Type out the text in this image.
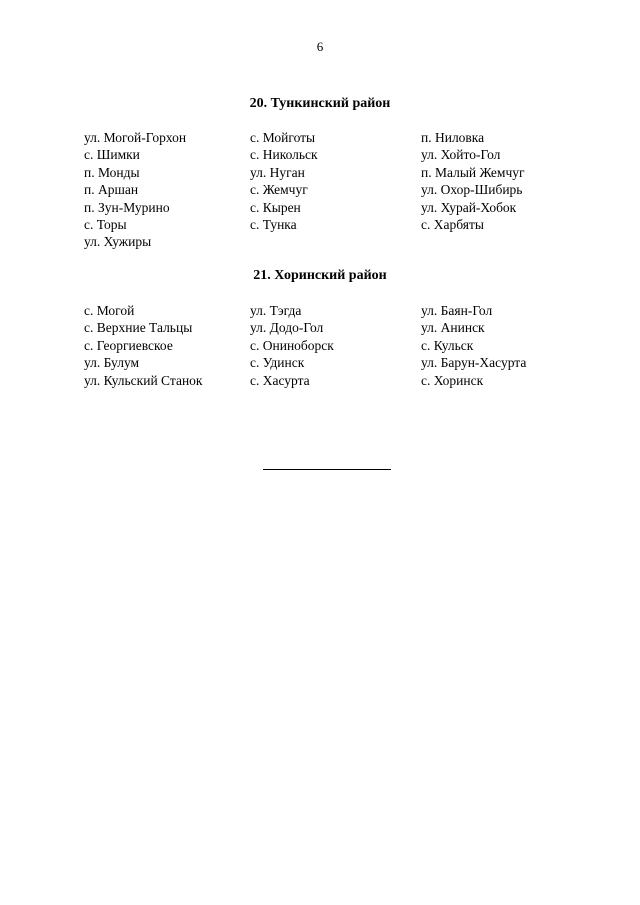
6
20. Тункинский район
ул. Могой-Горхон	с. Мойготы	п. Ниловка
с. Шимки	с. Никольск	ул. Хойто-Гол
п. Монды	ул. Нуган	п. Малый Жемчуг
п. Аршан	с. Жемчуг	ул. Охор-Шибирь
п. Зун-Мурино	с. Кырен	ул. Хурай-Хобок
с. Торы	с. Тунка	с. Харбяты
ул. Хужиры
21. Хоринский район
с. Могой	ул. Тэгда	ул. Баян-Гол
с. Верхние Тальцы	ул. Додо-Гол	ул. Анинск
с. Георгиевское	с. Онинoборск	с. Кульск
ул. Булум	с. Удинск	ул. Барун-Хасурта
ул. Кульский Станок	с. Хасурта	с. Хоринск
